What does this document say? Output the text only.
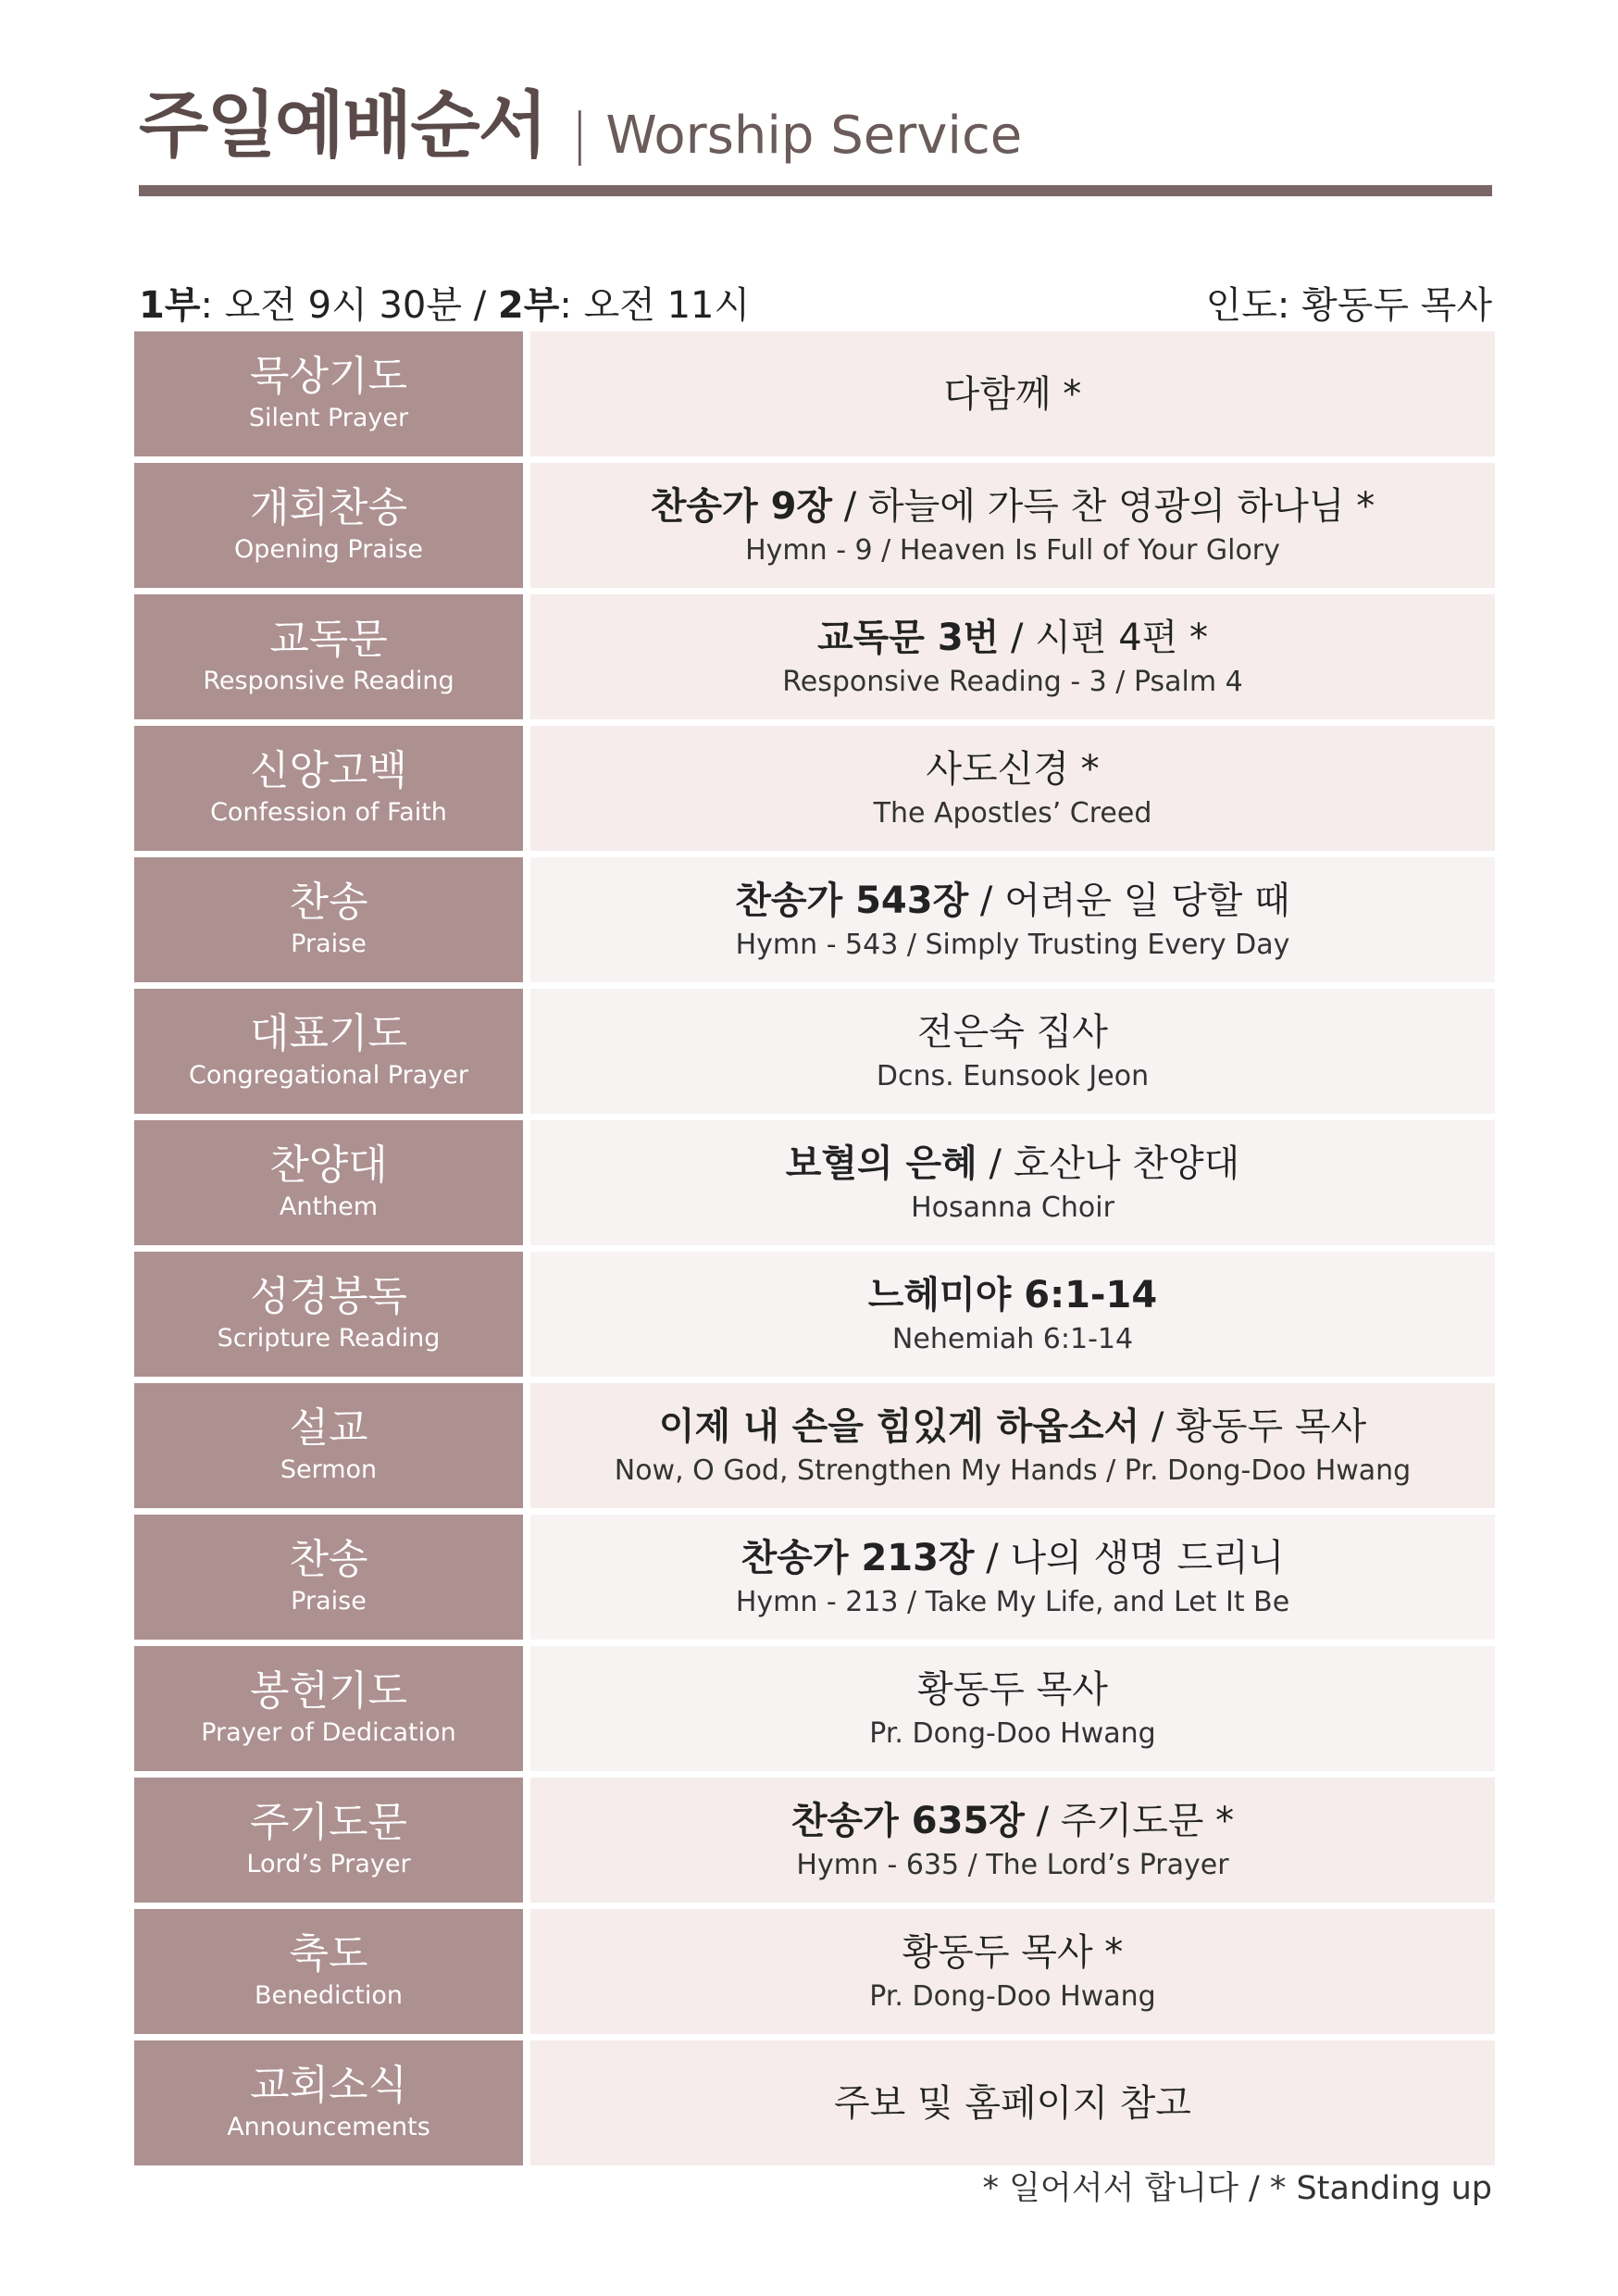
주일예배순서 | Worship Service
1부: 오전 9시 30분 / 2부: 오전 11시	인도: 황동두 목사
묵상기도
Silent Prayer
다함께 *
개회찬송
Opening Praise
찬송가 9장 / 하늘에 가득 찬 영광의 하나님 *
Hymn - 9 / Heaven Is Full of Your Glory
교독문
Responsive Reading
교독문 3번 / 시편 4편 *
Responsive Reading - 3 / Psalm 4
신앙고백
Confession of Faith
사도신경 *
The Apostles’ Creed
찬송
Praise
찬송가 543장 / 어려운 일 당할 때
Hymn - 543 / Simply Trusting Every Day
대표기도
Congregational Prayer
전은숙 집사
Dcns. Eunsook Jeon
찬양대
Anthem
보혈의 은혜 / 호산나 찬양대
Hosanna Choir
성경봉독
Scripture Reading
느헤미야 6:1-14
Nehemiah 6:1-14
설교
Sermon
이제 내 손을 힘있게 하옵소서 / 황동두 목사
Now, O God, Strengthen My Hands / Pr. Dong-Doo Hwang
찬송
Praise
찬송가 213장 / 나의 생명 드리니
Hymn - 213 / Take My Life, and Let It Be
봉헌기도
Prayer of Dedication
황동두 목사
Pr. Dong-Doo Hwang
주기도문
Lord’s Prayer
찬송가 635장 / 주기도문 *
Hymn - 635 / The Lord’s Prayer
축도
Benediction
황동두 목사 *
Pr. Dong-Doo Hwang
교회소식
Announcements
주보 및 홈페이지 참고
* 일어서서 합니다 / * Standing up
